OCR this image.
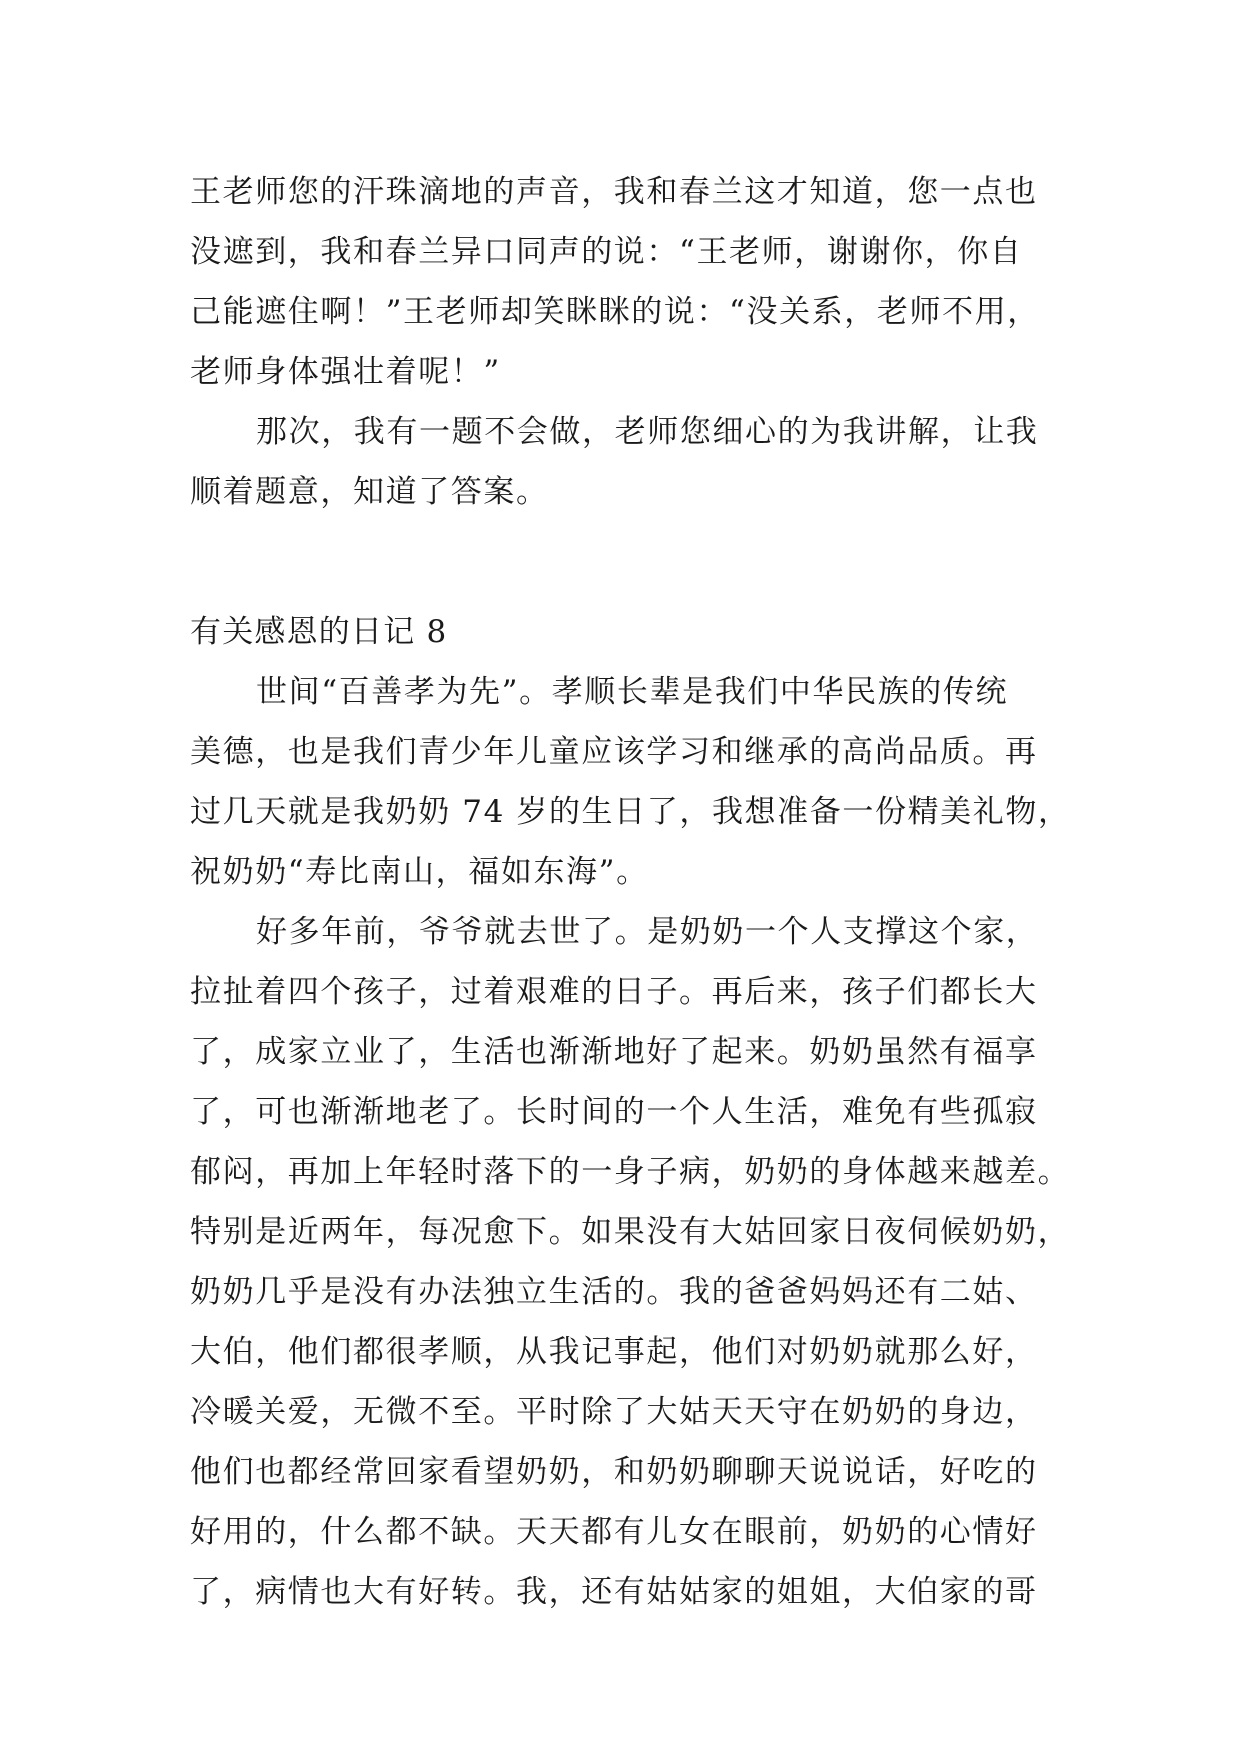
王老师您的汗珠滴地的声音，我和春兰这才知道，您一点也
没遮到，我和春兰异口同声的说：“王老师，谢谢你，你自
己能遮住啊！”王老师却笑眯眯的说：“没关系，老师不用，
老师身体强壮着呢！”
那次，我有一题不会做，老师您细心的为我讲解，让我
顺着题意，知道了答案。
有关感恩的日记 8
世间“百善孝为先”。孝顺长辈是我们中华民族的传统
美德，也是我们青少年儿童应该学习和继承的高尚品质。再
过几天就是我奶奶 74 岁的生日了，我想准备一份精美礼物，
祝奶奶“寿比南山，福如东海”。
好多年前，爷爷就去世了。是奶奶一个人支撑这个家，
拉扯着四个孩子，过着艰难的日子。再后来，孩子们都长大
了，成家立业了，生活也渐渐地好了起来。奶奶虽然有福享
了，可也渐渐地老了。长时间的一个人生活，难免有些孤寂
郁闷，再加上年轻时落下的一身子病，奶奶的身体越来越差。
特别是近两年，每况愈下。如果没有大姑回家日夜伺候奶奶，
奶奶几乎是没有办法独立生活的。我的爸爸妈妈还有二姑、
大伯，他们都很孝顺，从我记事起，他们对奶奶就那么好，
冷暖关爱，无微不至。平时除了大姑天天守在奶奶的身边，
他们也都经常回家看望奶奶，和奶奶聊聊天说说话，好吃的
好用的，什么都不缺。天天都有儿女在眼前，奶奶的心情好
了，病情也大有好转。我，还有姑姑家的姐姐，大伯家的哥
